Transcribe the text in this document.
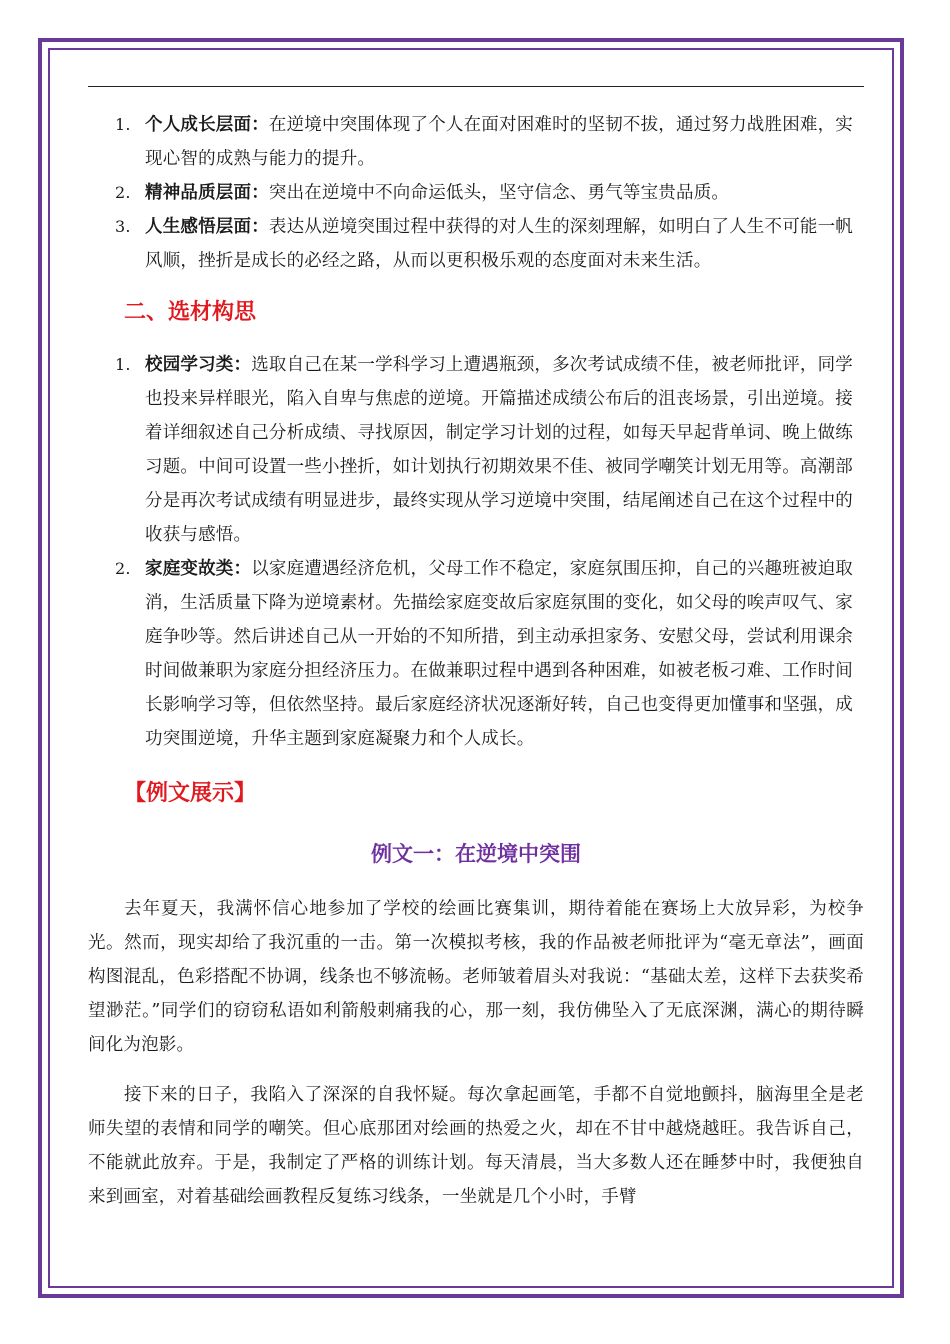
1. 个人成长层面：在逆境中突围体现了个人在面对困难时的坚韧不拔，通过努力战胜困难，实现心智的成熟与能力的提升。
2. 精神品质层面：突出在逆境中不向命运低头，坚守信念、勇气等宝贵品质。
3. 人生感悟层面：表达从逆境突围过程中获得的对人生的深刻理解，如明白了人生不可能一帆风顺，挫折是成长的必经之路，从而以更积极乐观的态度面对未来生活。
二、选材构思
1. 校园学习类：选取自己在某一学科学习上遭遇瓶颈，多次考试成绩不佳，被老师批评，同学也投来异样眼光，陷入自卑与焦虑的逆境。开篇描述成绩公布后的沮丧场景，引出逆境。接着详细叙述自己分析成绩、寻找原因，制定学习计划的过程，如每天早起背单词、晚上做练习题。中间可设置一些小挫折，如计划执行初期效果不佳、被同学嘲笑计划无用等。高潮部分是再次考试成绩有明显进步，最终实现从学习逆境中突围，结尾阐述自己在这个过程中的收获与感悟。
2. 家庭变故类：以家庭遭遇经济危机，父母工作不稳定，家庭氛围压抑，自己的兴趣班被迫取消，生活质量下降为逆境素材。先描绘家庭变故后家庭氛围的变化，如父母的唉声叹气、家庭争吵等。然后讲述自己从一开始的不知所措，到主动承担家务、安慰父母，尝试利用课余时间做兼职为家庭分担经济压力。在做兼职过程中遇到各种困难，如被老板刁难、工作时间长影响学习等，但依然坚持。最后家庭经济状况逐渐好转，自己也变得更加懂事和坚强，成功突围逆境，升华主题到家庭凝聚力和个人成长。
【例文展示】
例文一：在逆境中突围

去年夏天，我满怀信心地参加了学校的绘画比赛集训，期待着能在赛场上大放异彩，为校争光。然而，现实却给了我沉重的一击。第一次模拟考核，我的作品被老师批评为“毫无章法”，画面构图混乱，色彩搭配不协调，线条也不够流畅。老师皱着眉头对我说：“基础太差，这样下去获奖希望渺茫。”同学们的窃窃私语如利箭般刺痛我的心，那一刻，我仿佛坠入了无底深渊，满心的期待瞬间化为泡影。

接下来的日子，我陷入了深深的自我怀疑。每次拿起画笔，手都不自觉地颤抖，脑海里全是老师失望的表情和同学的嘲笑。但心底那团对绘画的热爱之火，却在不甘中越烧越旺。我告诉自己，不能就此放弃。于是，我制定了严格的训练计划。每天清晨，当大多数人还在睡梦中时，我便独自来到画室，对着基础绘画教程反复练习线条，一坐就是几个小时，手臂
